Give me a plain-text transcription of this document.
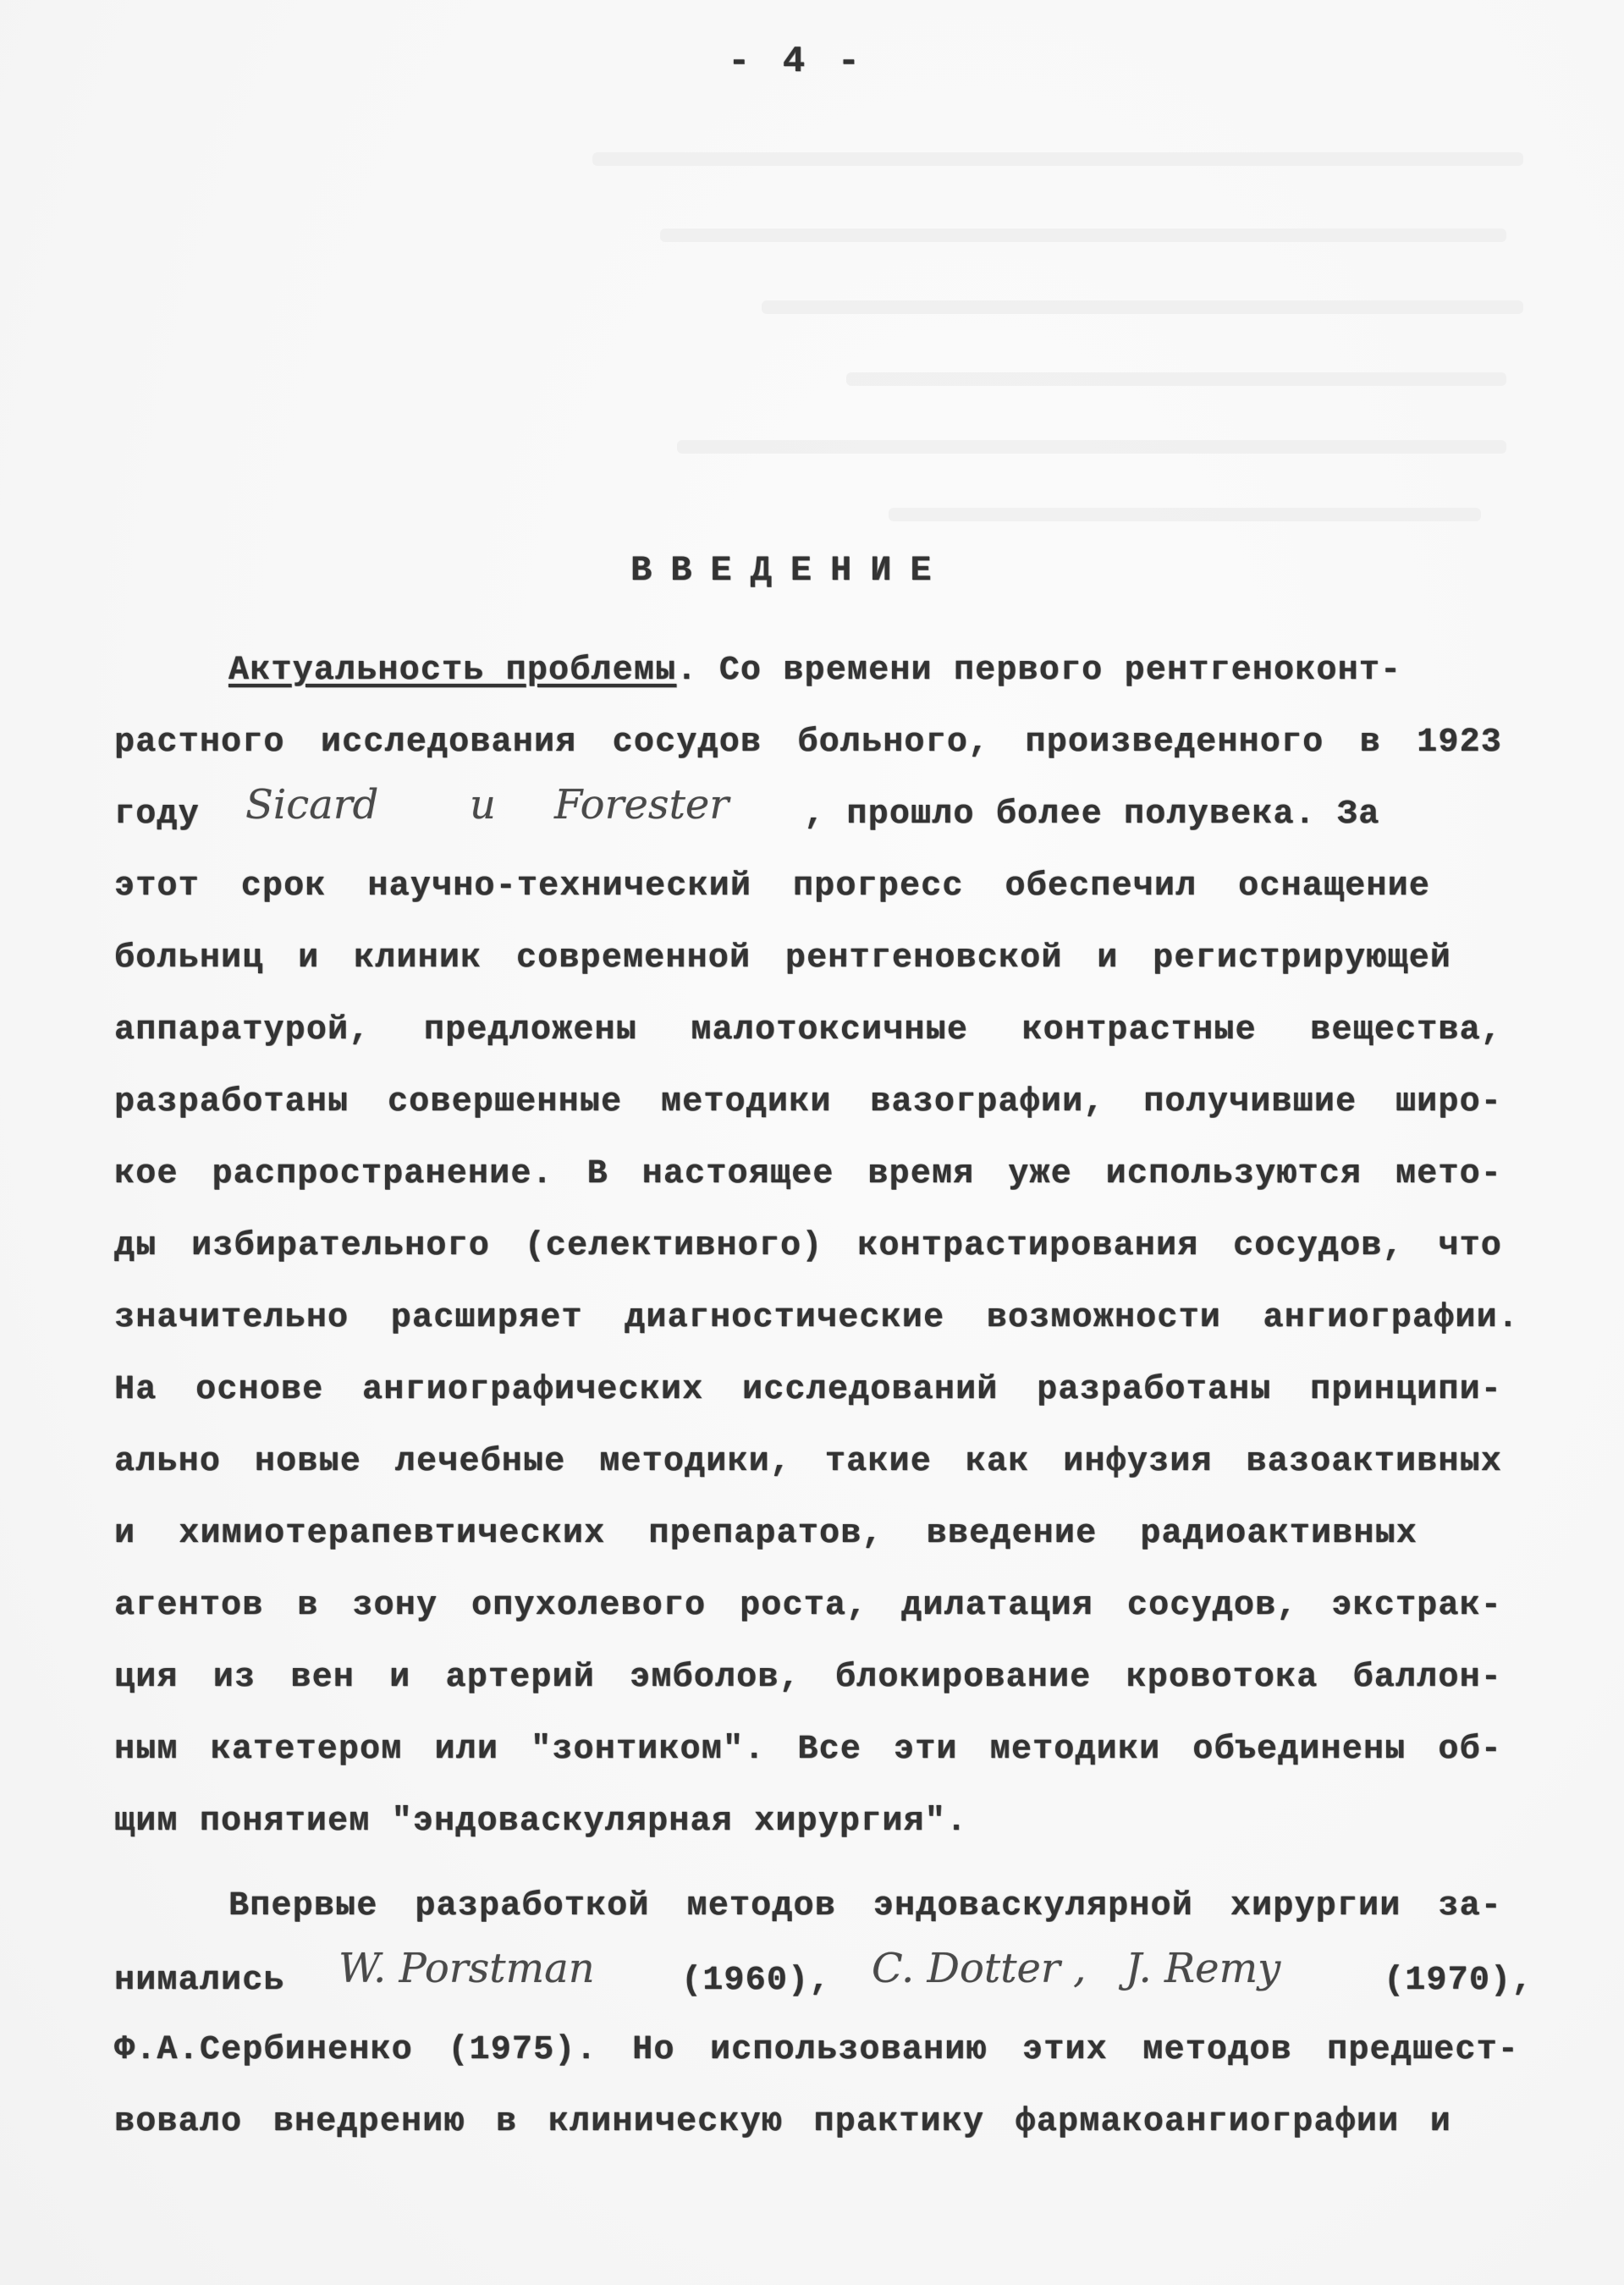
- 4 -
ВВЕДЕНИЕ
Актуальность проблемы. Со времени первого рентгеноконт-
растного исследования сосудов больного, произведенного в 1923
году Sicard и Forester , прошло более полувека. За
этот срок научно-технический прогресс обеспечил оснащение
больниц и клиник современной рентгеновской и регистрирующей
аппаратурой, предложены малотоксичные контрастные вещества,
разработаны совершенные методики вазографии, получившие широ-
кое распространение. В настоящее время уже используются мето-
ды избирательного (селективного) контрастирования сосудов, что
значительно расширяет диагностические возможности ангиографии.
На основе ангиографических исследований разработаны принципи-
ально новые лечебные методики, такие как инфузия вазоактивных
и химиотерапевтических препаратов, введение радиоактивных
агентов в зону опухолевого роста, дилатация сосудов, экстрак-
ция из вен и артерий эмболов, блокирование кровотока баллон-
ным катетером или "зонтиком". Все эти методики объединены об-
щим понятием "эндоваскулярная хирургия".
Впервые разработкой методов эндоваскулярной хирургии за-
нимались W. Porstman	(1960), C. Dotter , J. Remy	(1970),
Ф.А.Сербиненко (1975). Но использованию этих методов предшест-
вовало внедрению в клиническую практику фармакоангиографии и
